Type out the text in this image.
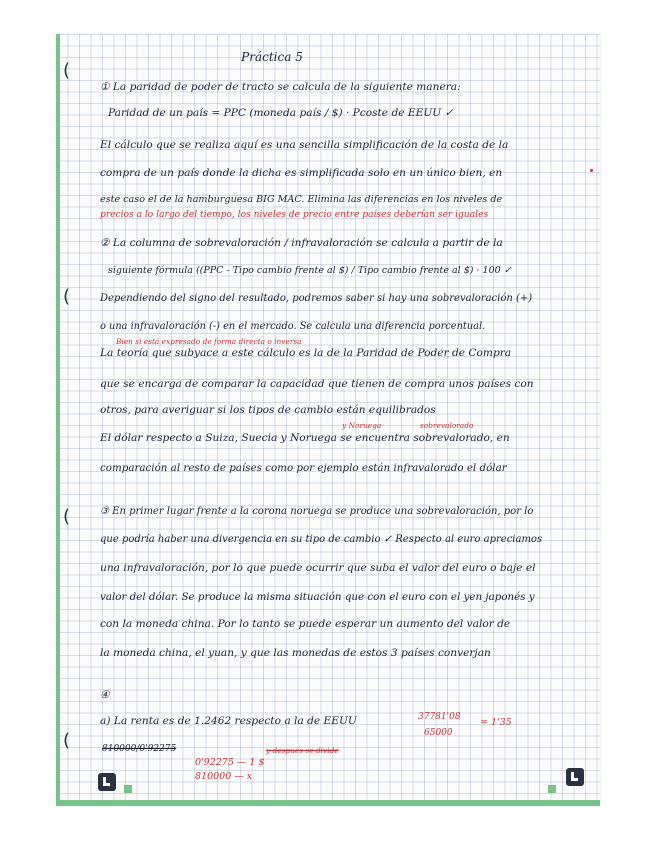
(
(
(
(
Práctica 5
① La paridad de poder de tracto se calcula de la siguiente manera:
Paridad de un país = PPC (moneda país / $) · Pcoste de EEUU ✓
El cálculo que se realiza aquí es una sencilla simplificación de la costa de la
compra de un país donde la dicha es simplificada solo en un único bien, en
este caso el de la hamburguesa BIG MAC. Elimina las diferencias en los niveles de
precios a lo largo del tiempo, los niveles de precio entre países deberían ser iguales
② La columna de sobrevaloración / infravaloración se calcula a partir de la
siguiente fórmula ((PPC - Tipo cambio frente al $) / Tipo cambio frente al $) · 100 ✓
Dependiendo del signo del resultado, podremos saber si hay una sobrevaloración (+)
o una infravaloración (-) en el mercado. Se calcula una diferencia porcentual.
Bien si está expresado de forma directa o inversa
La teoría que subyace a este cálculo es la de la Paridad de Poder de Compra
que se encarga de comparar la capacidad que tienen de compra unos países con
otros, para averiguar si los tipos de cambio están equilibrados
y Noruega	sobrevalorado
El dólar respecto a Suiza, Suecia y Noruega se encuentra sobrevalorado, en
comparación al resto de países como por ejemplo están infravalorado el dólar
③ En primer lugar frente a la corona noruega se produce una sobrevaloración, por lo
que podría haber una divergencia en su tipo de cambio ✓ Respecto al euro apreciamos
una infravaloración, por lo que puede ocurrir que suba el valor del euro o baje el
valor del dólar. Se produce la misma situación que con el euro con el yen japonés y
con la moneda china. Por lo tanto se puede esperar un aumento del valor de
la moneda china, el yuan, y que las monedas de estos 3 países converjan
④
a) La renta es de 1.2462 respecto a la de EEUU	37781'08
65000
= 1'35
810000/0'92275	y después se divide
0'92275 — 1 $
810000 — x
